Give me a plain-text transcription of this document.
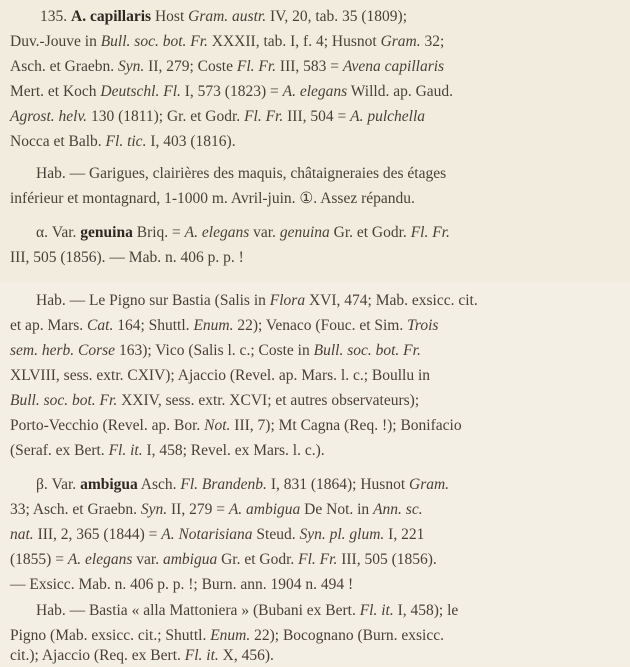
135. A. capillaris Host Gram. austr. IV, 20, tab. 35 (1809);
Duv.-Jouve in Bull. soc. bot. Fr. XXXII, tab. I, f. 4; Husnot Gram. 32;
Asch. et Graebn. Syn. II, 279; Coste Fl. Fr. III, 583 = Avena capillaris
Mert. et Koch Deutschl. Fl. I, 573 (1823) = A. elegans Willd. ap. Gaud.
Agrost. helv. 130 (1811); Gr. et Godr. Fl. Fr. III, 504 = A. pulchella
Nocca et Balb. Fl. tic. I, 403 (1816).
Hab. — Garigues, clairières des maquis, châtaigneraies des étages
inférieur et montagnard, 1-1000 m. Avril-juin. ①. Assez répandu.
α. Var. genuina Briq. = A. elegans var. genuina Gr. et Godr. Fl. Fr.
III, 505 (1856). — Mab. n. 406 p. p. !
Hab. — Le Pigno sur Bastia (Salis in Flora XVI, 474; Mab. exsicc. cit.
et ap. Mars. Cat. 164; Shuttl. Enum. 22); Venaco (Fouc. et Sim. Trois
sem. herb. Corse 163); Vico (Salis l. c.; Coste in Bull. soc. bot. Fr.
XLVIII, sess. extr. CXIV); Ajaccio (Revel. ap. Mars. l. c.; Boullu in
Bull. soc. bot. Fr. XXIV, sess. extr. XCVI; et autres observateurs);
Porto-Vecchio (Revel. ap. Bor. Not. III, 7); Mt Cagna (Req. !); Bonifacio
(Seraf. ex Bert. Fl. it. I, 458; Revel. ex Mars. l. c.).
β. Var. ambigua Asch. Fl. Brandenb. I, 831 (1864); Husnot Gram.
33; Asch. et Graebn. Syn. II, 279 = A. ambigua De Not. in Ann. sc.
nat. III, 2, 365 (1844) = A. Notarisiana Steud. Syn. pl. glum. I, 221
(1855) = A. elegans var. ambigua Gr. et Godr. Fl. Fr. III, 505 (1856).
— Exsicc. Mab. n. 406 p. p. !; Burn. ann. 1904 n. 494 !
Hab. — Bastia « alla Mattoniera » (Bubani ex Bert. Fl. it. I, 458); le
Pigno (Mab. exsicc. cit.; Shuttl. Enum. 22); Bocognano (Burn. exsicc.
cit.); Ajaccio (Req. ex Bert. Fl. it. X, 456).
